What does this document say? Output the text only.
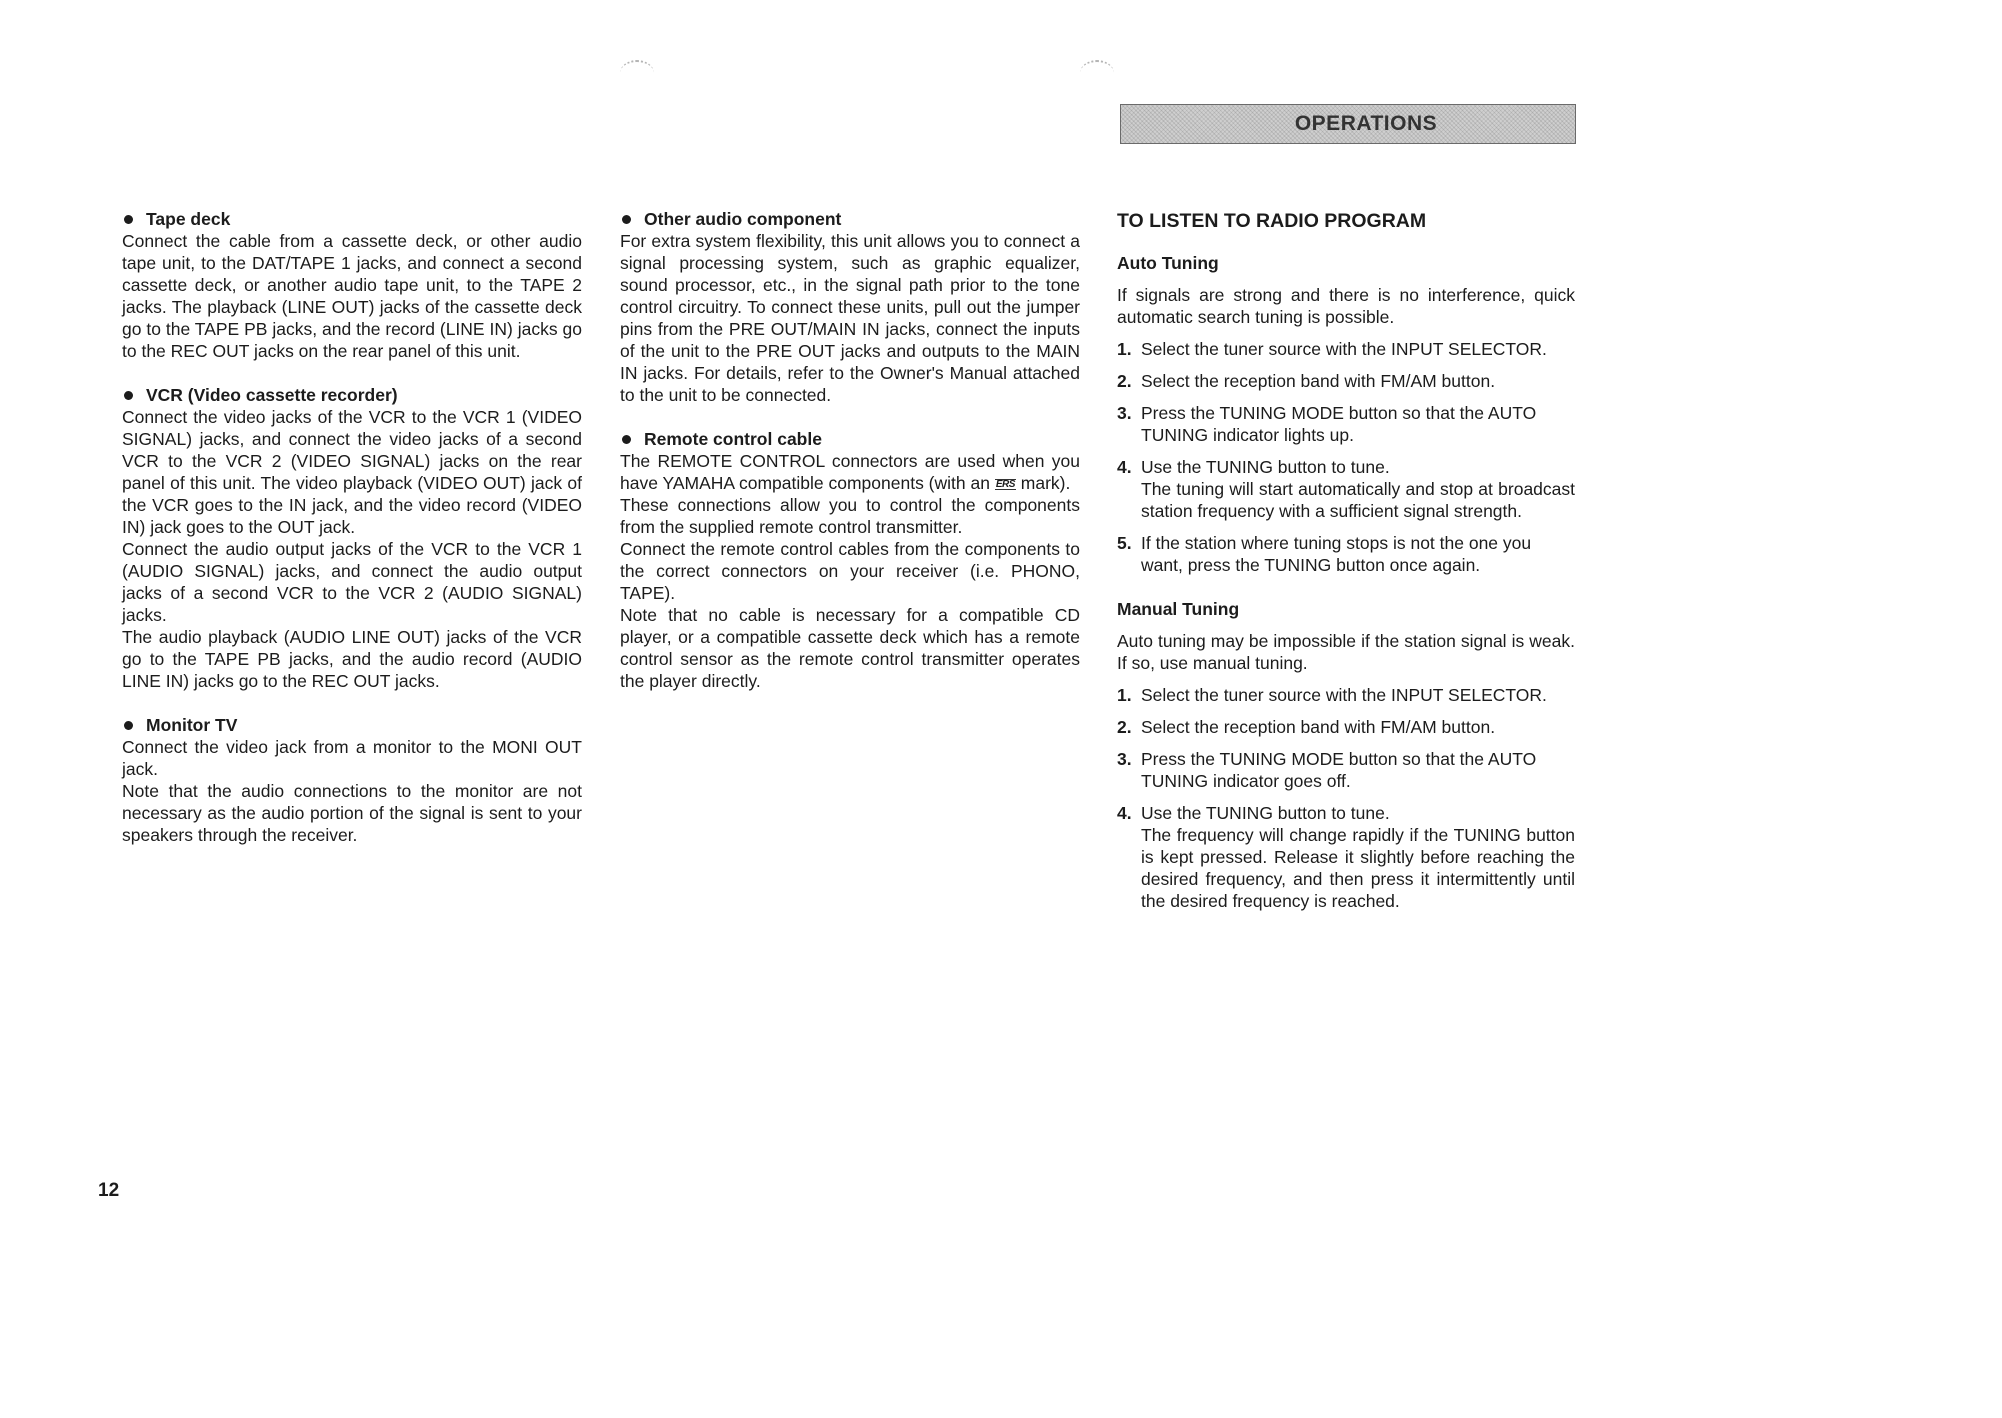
OPERATIONS
Tape deck
Connect the cable from a cassette deck, or other audio tape unit, to the DAT/TAPE 1 jacks, and connect a second cassette deck, or another audio tape unit, to the TAPE 2 jacks. The playback (LINE OUT) jacks of the cassette deck go to the TAPE PB jacks, and the record (LINE IN) jacks go to the REC OUT jacks on the rear panel of this unit.
VCR (Video cassette recorder)
Connect the video jacks of the VCR to the VCR 1 (VIDEO SIGNAL) jacks, and connect the video jacks of a second VCR to the VCR 2 (VIDEO SIGNAL) jacks on the rear panel of this unit. The video playback (VIDEO OUT) jack of the VCR goes to the IN jack, and the video record (VIDEO IN) jack goes to the OUT jack.
Connect the audio output jacks of the VCR to the VCR 1 (AUDIO SIGNAL) jacks, and connect the audio output jacks of a second VCR to the VCR 2 (AUDIO SIGNAL) jacks.
The audio playback (AUDIO LINE OUT) jacks of the VCR go to the TAPE PB jacks, and the audio record (AUDIO LINE IN) jacks go to the REC OUT jacks.
Monitor TV
Connect the video jack from a monitor to the MONI OUT jack.
Note that the audio connections to the monitor are not necessary as the audio portion of the signal is sent to your speakers through the receiver.
Other audio component
For extra system flexibility, this unit allows you to connect a signal processing system, such as graphic equalizer, sound processor, etc., in the signal path prior to the tone control circuitry. To connect these units, pull out the jumper pins from the PRE OUT/MAIN IN jacks, connect the inputs of the unit to the PRE OUT jacks and outputs to the MAIN IN jacks. For details, refer to the Owner's Manual attached to the unit to be connected.
Remote control cable
The REMOTE CONTROL connectors are used when you have YAMAHA compatible components (with an ERS mark).
These connections allow you to control the components from the supplied remote control transmitter.
Connect the remote control cables from the components to the correct connectors on your receiver (i.e. PHONO, TAPE).
Note that no cable is necessary for a compatible CD player, or a compatible cassette deck which has a remote control sensor as the remote control transmitter operates the player directly.
TO LISTEN TO RADIO PROGRAM
Auto Tuning
If signals are strong and there is no interference, quick automatic search tuning is possible.
1. Select the tuner source with the INPUT SELECTOR.
2. Select the reception band with FM/AM button.
3. Press the TUNING MODE button so that the AUTO TUNING indicator lights up.
4. Use the TUNING button to tune.
The tuning will start automatically and stop at broadcast station frequency with a sufficient signal strength.
5. If the station where tuning stops is not the one you want, press the TUNING button once again.
Manual Tuning
Auto tuning may be impossible if the station signal is weak. If so, use manual tuning.
1. Select the tuner source with the INPUT SELECTOR.
2. Select the reception band with FM/AM button.
3. Press the TUNING MODE button so that the AUTO TUNING indicator goes off.
4. Use the TUNING button to tune.
The frequency will change rapidly if the TUNING button is kept pressed. Release it slightly before reaching the desired frequency, and then press it intermittently until the desired frequency is reached.
12
